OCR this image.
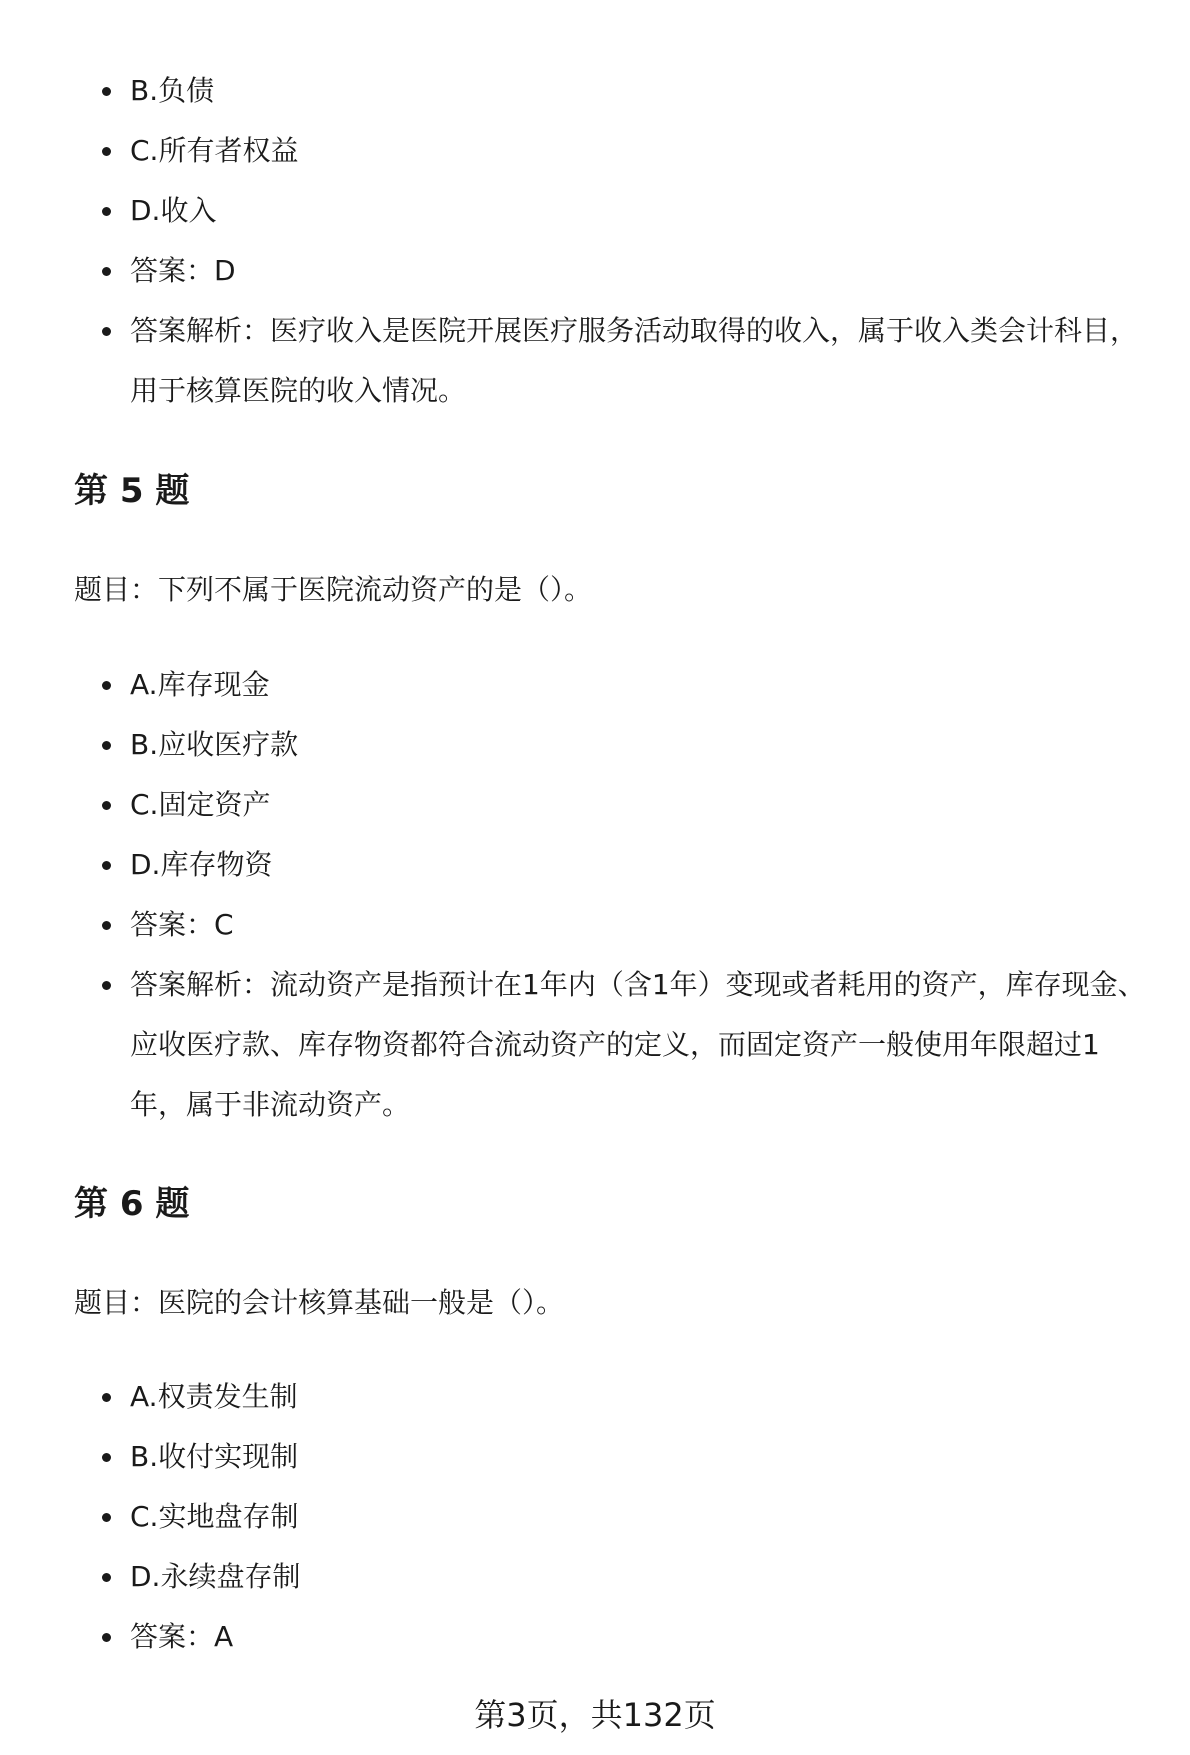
B.负债
C.所有者权益
D.收入
答案：D
答案解析：医疗收入是医院开展医疗服务活动取得的收入，属于收入类会计科目，用于核算医院的收入情况。
第 5 题
题目：下列不属于医院流动资产的是（）。
A.库存现金
B.应收医疗款
C.固定资产
D.库存物资
答案：C
答案解析：流动资产是指预计在1年内（含1年）变现或者耗用的资产，库存现金、应收医疗款、库存物资都符合流动资产的定义，而固定资产一般使用年限超过1年，属于非流动资产。
第 6 题
题目：医院的会计核算基础一般是（）。
A.权责发生制
B.收付实现制
C.实地盘存制
D.永续盘存制
答案：A
第3页，共132页
